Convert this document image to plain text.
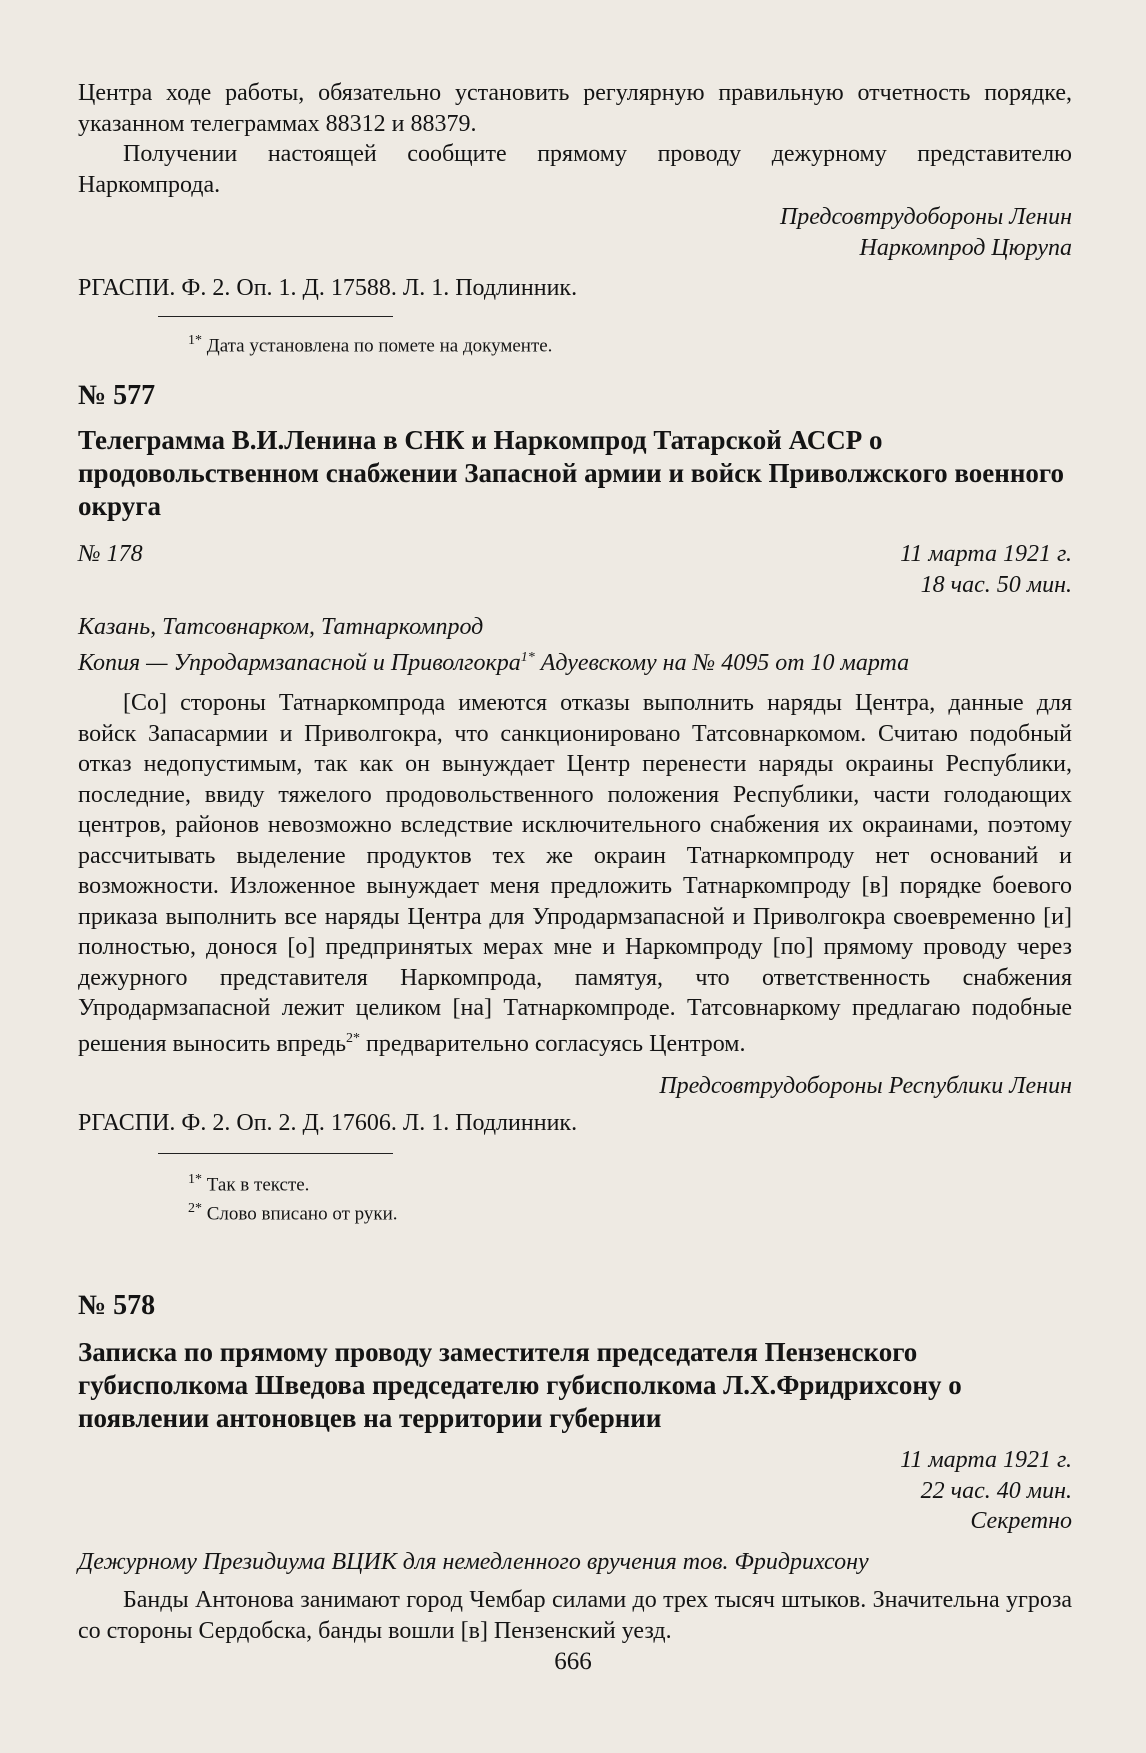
Центра ходе работы, обязательно установить регулярную правильную отчетность порядке, указанном телеграммах 88312 и 88379.

Получении настоящей сообщите прямому проводу дежурному представителю Наркомпрода.

Предсовтрудобороны Ленин

Наркомпрод Цюрупа

РГАСПИ. Ф. 2. Оп. 1. Д. 17588. Л. 1. Подлинник.

$^{1*}$ Дата установлена по помете на документе.

№ 577

Телеграмма В.И.Ленина в СНК и Наркомпрод Татарской АССР о продовольственном снабжении Запасной армии и войск Приволжского военного округа

№ 178	11 марта 1921 г.

18 час. 50 мин.

Казань, Татсовнарком, Татнаркомпрод

Копия — Упродармзапасной и Приволгокра$^{1*}$ Адуевскому на № 4095 от 10 марта

[Со] стороны Татнаркомпрода имеются отказы выполнить наряды Центра, данные для войск Запасармии и Приволгокра, что санкционировано Татсовнаркомом. Считаю подобный отказ недопустимым, так как он вынуждает Центр перенести наряды окраины Республики, последние, ввиду тяжелого продовольственного положения Республики, части голодающих центров, районов невозможно вследствие исключительного снабжения их окраинами, поэтому рассчитывать выделение продуктов тех же окраин Татнаркомпроду нет оснований и возможности. Изложенное вынуждает меня предложить Татнаркомпроду [в] порядке боевого приказа выполнить все наряды Центра для Упродармзапасной и Приволгокра своевременно [и] полностью, донося [о] предпринятых мерах мне и Наркомпроду [по] прямому проводу через дежурного представителя Наркомпрода, памятуя, что ответственность снабжения Упродармзапасной лежит целиком [на] Татнаркомпроде. Татсовнаркому предлагаю подобные решения выносить впредь$^{2*}$ предварительно согласуясь Центром.

Предсовтрудобороны Республики Ленин

РГАСПИ. Ф. 2. Оп. 2. Д. 17606. Л. 1. Подлинник.

$^{1*}$ Так в тексте.

$^{2*}$ Слово вписано от руки.

№ 578

Записка по прямому проводу заместителя председателя Пензенского губисполкома Шведова председателю губисполкома Л.Х.Фридрихсону о появлении антоновцев на территории губернии

11 марта 1921 г.

22 час. 40 мин.

Секретно

Дежурному Президиума ВЦИК для немедленного вручения тов. Фридрихсону

Банды Антонова занимают город Чембар силами до трех тысяч штыков. Значительна угроза со стороны Сердобска, банды вошли [в] Пензенский уезд.

666
